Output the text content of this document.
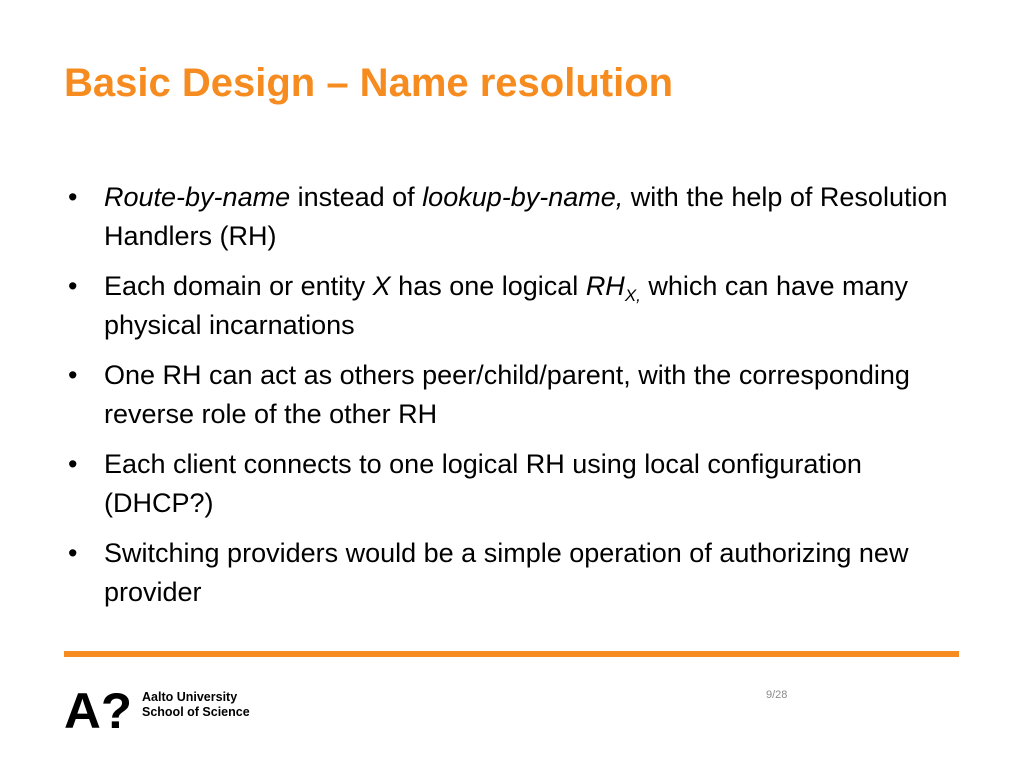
Basic Design – Name resolution
• Route-by-name instead of lookup-by-name, with the help of Resolution Handlers (RH)
• Each domain or entity X has one logical $RH_{X,}$ which can have many physical incarnations
• One RH can act as others peer/child/parent, with the corresponding reverse role of the other RH
• Each client connects to one logical RH using local configuration (DHCP?)
• Switching providers would be a simple operation of authorizing new provider
A? Aalto University
School of Science
9/28
